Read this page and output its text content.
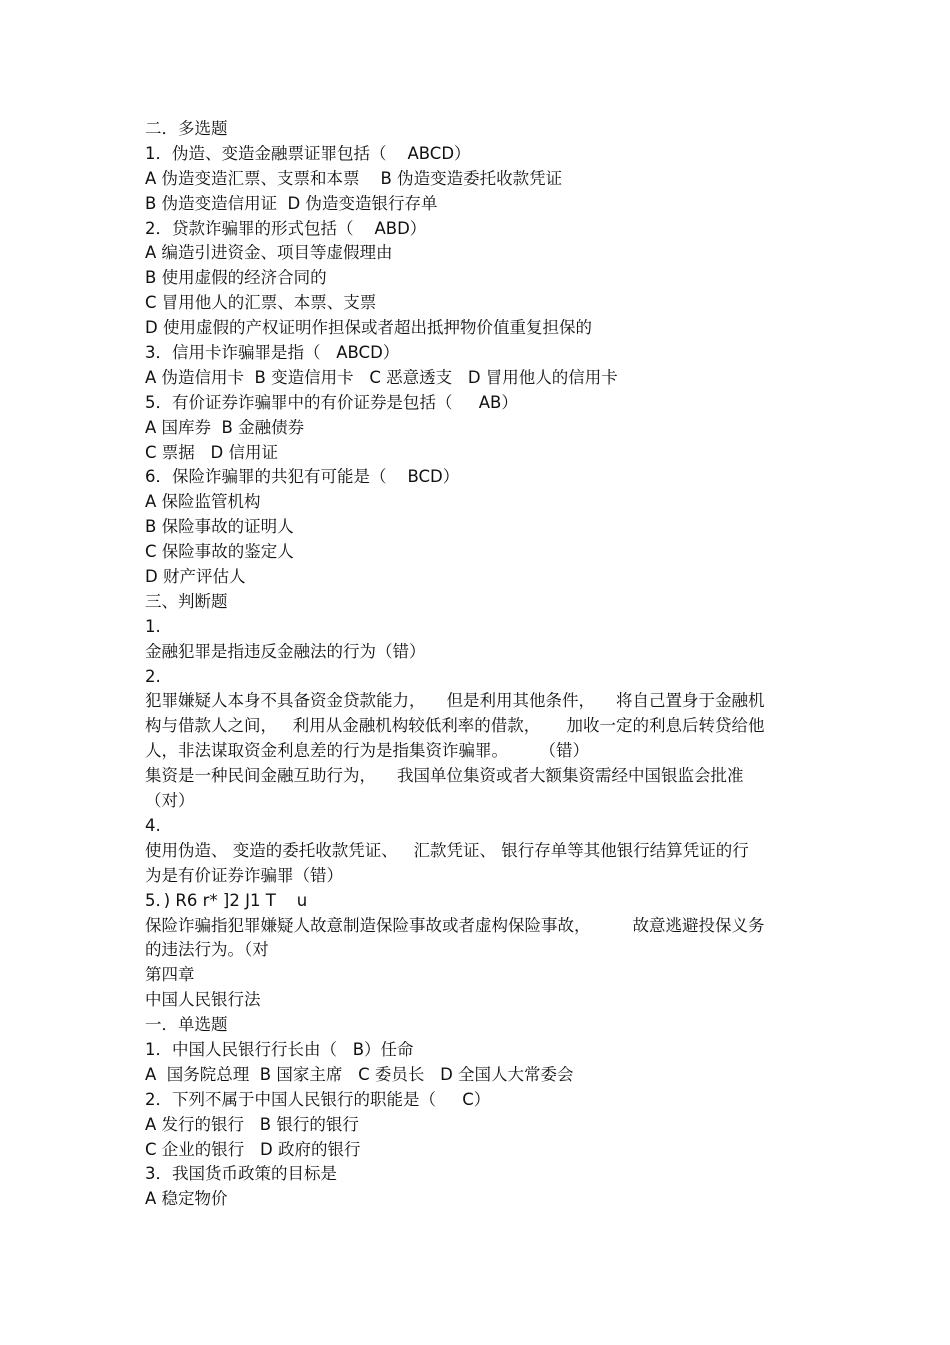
二．多选题
1．伪造、变造金融票证罪包括（    ABCD）
A 伪造变造汇票、支票和本票    B 伪造变造委托收款凭证
B 伪造变造信用证  D 伪造变造银行存单
2．贷款诈骗罪的形式包括（    ABD）
A 编造引进资金、项目等虚假理由
B 使用虚假的经济合同的
C 冒用他人的汇票、本票、支票
D 使用虚假的产权证明作担保或者超出抵押物价值重复担保的
3．信用卡诈骗罪是指（   ABCD）
A 伪造信用卡  B 变造信用卡   C 恶意透支   D 冒用他人的信用卡
5．有价证券诈骗罪中的有价证券是包括（     AB）
A 国库券  B 金融债券
C 票据   D 信用证
6．保险诈骗罪的共犯有可能是（    BCD）
A 保险监管机构
B 保险事故的证明人
C 保险事故的鉴定人
D 财产评估人
三、判断题
1.
金融犯罪是指违反金融法的行为（错）
2.
犯罪嫌疑人本身不具备资金贷款能力，    但是利用其他条件，    将自己置身于金融机
构与借款人之间，   利用从金融机构较低利率的借款，     加收一定的利息后转贷给他
人，非法谋取资金利息差的行为是指集资诈骗罪。      （错）
集资是一种民间金融互助行为，    我国单位集资或者大额集资需经中国银监会批准
（对）
4.
使用伪造、 变造的委托收款凭证、   汇款凭证、 银行存单等其他银行结算凭证的行
为是有价证券诈骗罪（错）
5．) R6 r* ]2 J1 T    u
保险诈骗指犯罪嫌疑人故意制造保险事故或者虚构保险事故，        故意逃避投保义务
的违法行为。（对
第四章
中国人民银行法
一．单选题
1．中国人民银行行长由（   B）任命
A  国务院总理  B 国家主席   C 委员长   D 全国人大常委会
2．下列不属于中国人民银行的职能是（     C）
A 发行的银行   B 银行的银行
C 企业的银行   D 政府的银行
3．我国货币政策的目标是
A 稳定物价
